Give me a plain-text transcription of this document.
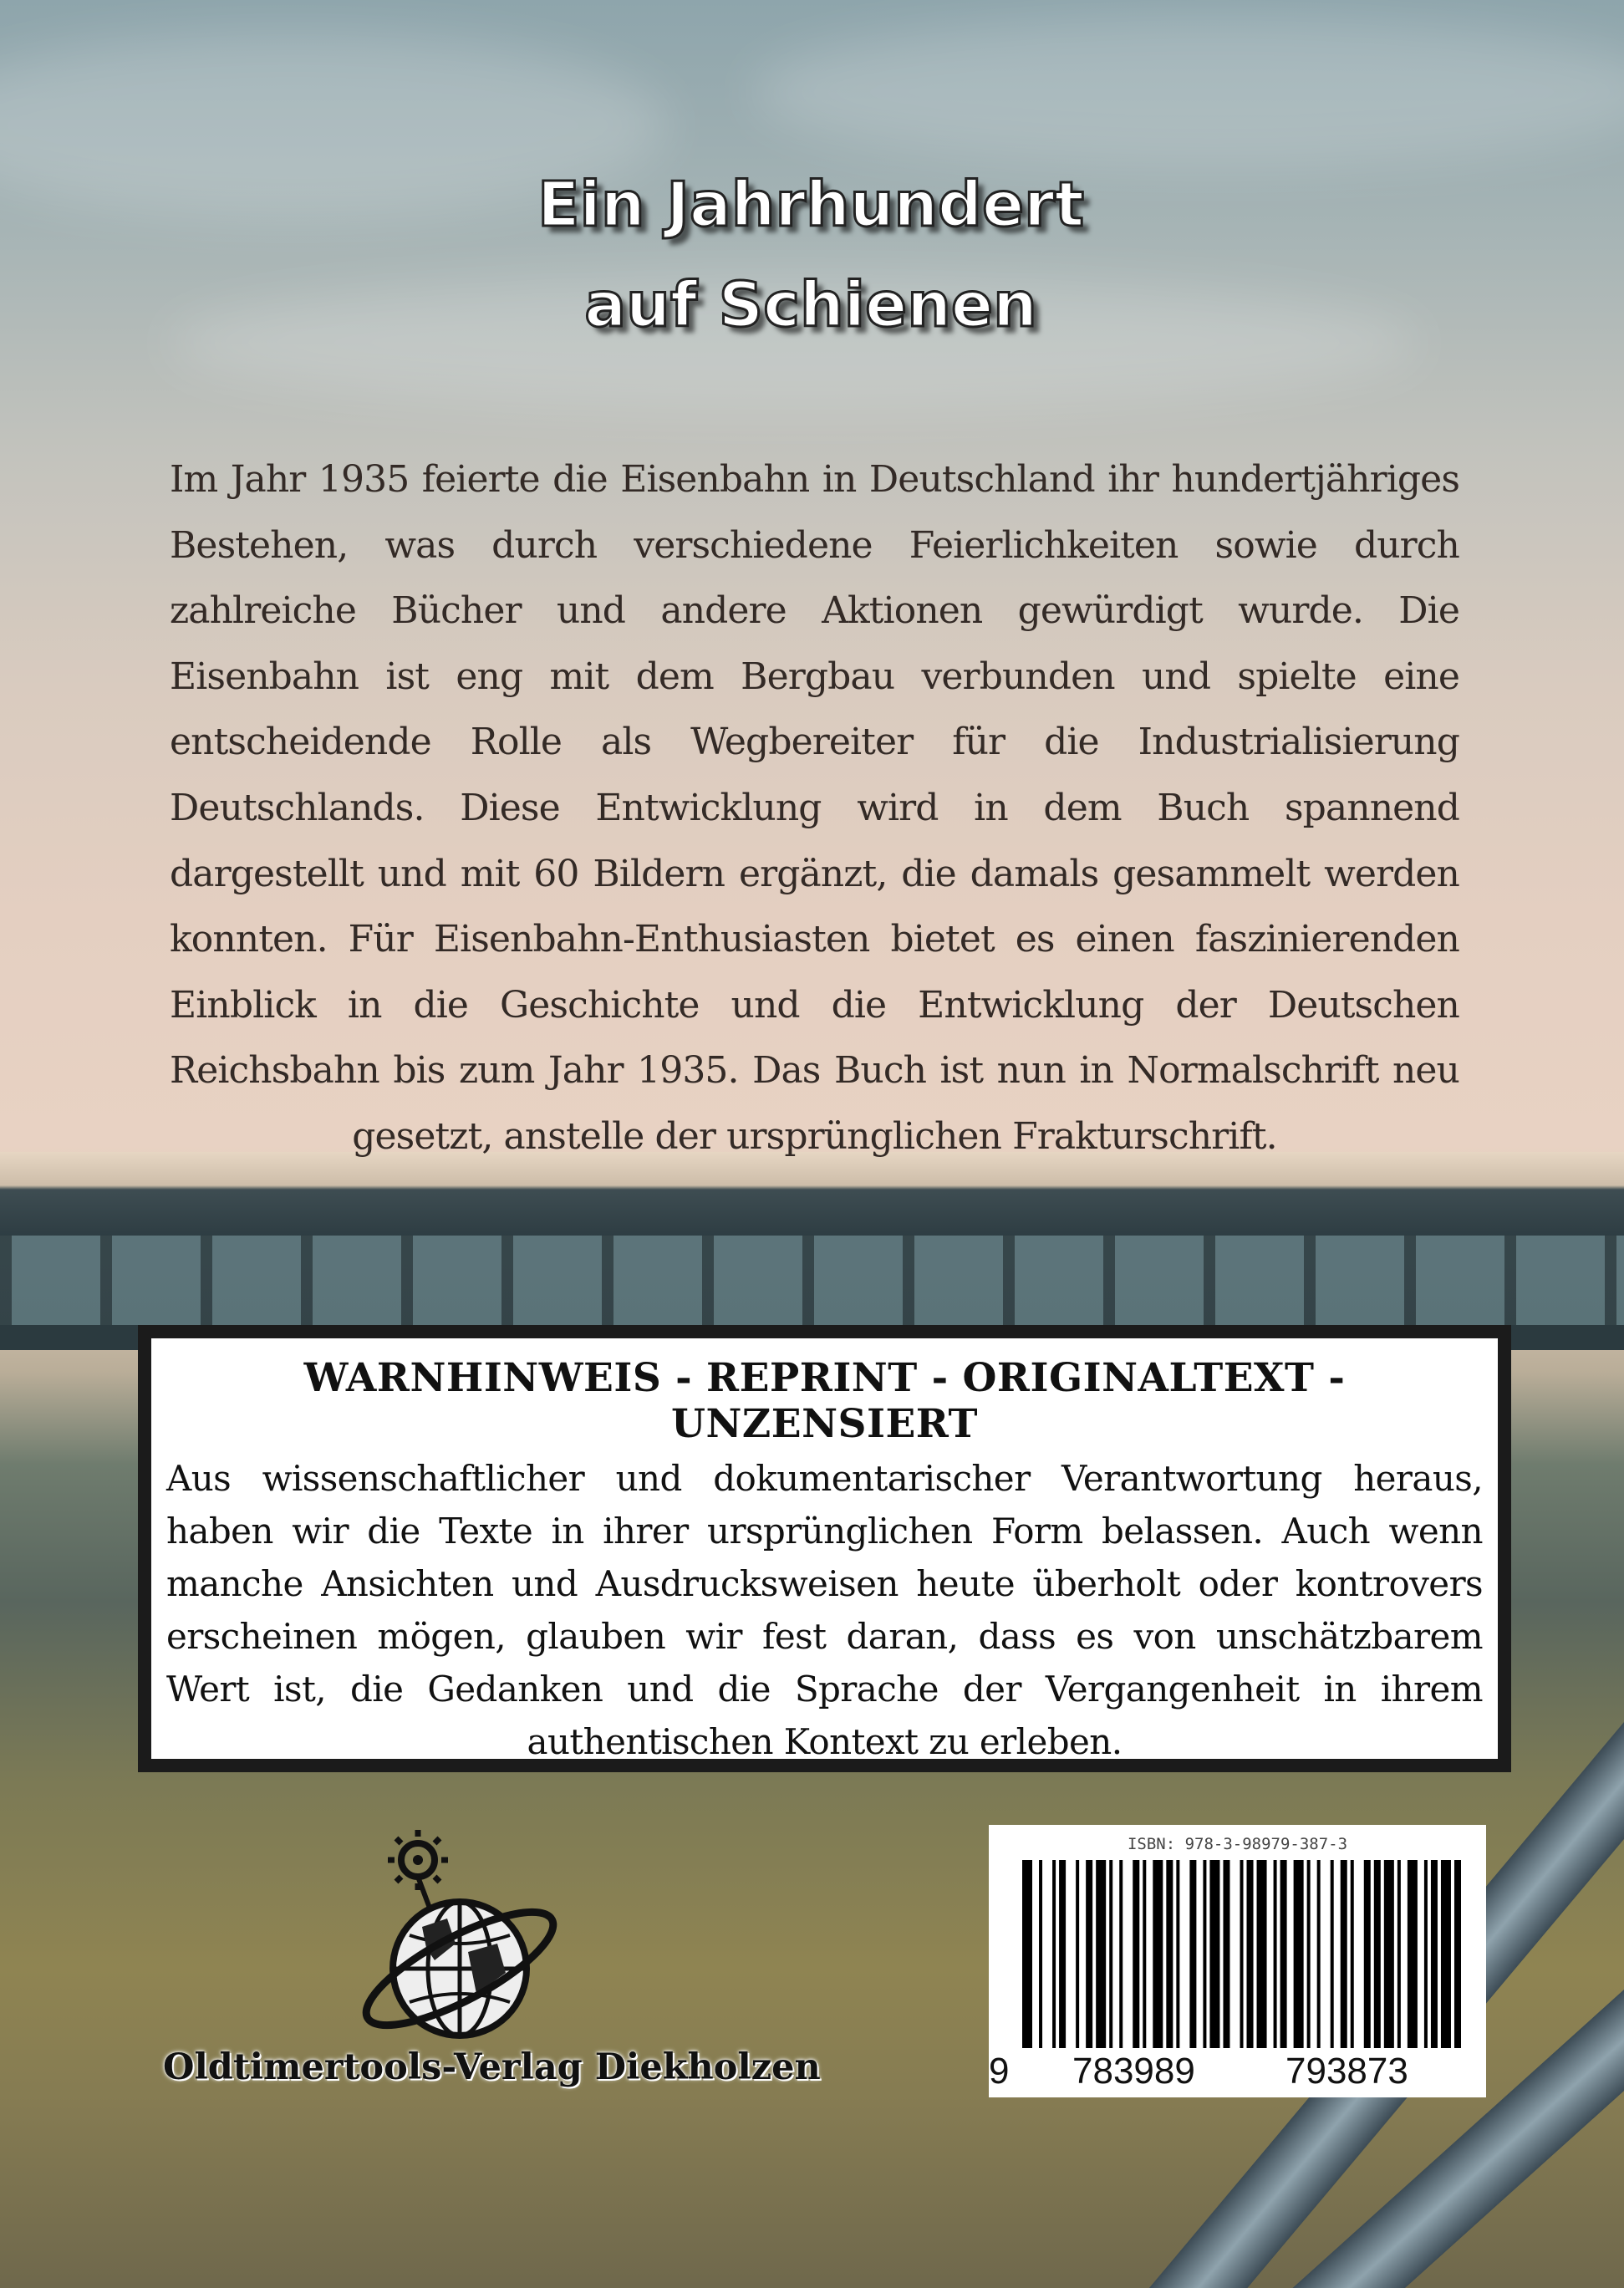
Ein Jahrhundert
auf Schienen

Im Jahr 1935 feierte die Eisenbahn in Deutschland ihr hundertjähriges Bestehen, was durch verschiedene Feierlichkeiten sowie durch zahlreiche Bücher und andere Aktionen gewürdigt wurde. Die Eisenbahn ist eng mit dem Bergbau verbunden und spielte eine entscheidende Rolle als Wegbereiter für die Industrialisierung Deutschlands. Diese Entwicklung wird in dem Buch spannend dargestellt und mit 60 Bildern ergänzt, die damals gesammelt werden konnten. Für Eisenbahn-Enthusiasten bietet es einen faszinierenden Einblick in die Geschichte und die Entwicklung der Deutschen Reichsbahn bis zum Jahr 1935. Das Buch ist nun in Normalschrift neu gesetzt, anstelle der ursprünglichen Frakturschrift.

WARNHINWEIS - REPRINT - ORIGINALTEXT - UNZENSIERT

Aus wissenschaftlicher und dokumentarischer Verantwortung heraus, haben wir die Texte in ihrer ursprünglichen Form belassen. Auch wenn manche Ansichten und Ausdrucksweisen heute überholt oder kontrovers erscheinen mögen, glauben wir fest daran, dass es von unschätzbarem Wert ist, die Gedanken und die Sprache der Vergangenheit in ihrem authentischen Kontext zu erleben.

Oldtimertools-Verlag Diekholzen

ISBN: 978-3-98979-387-3
9 783989 793873
